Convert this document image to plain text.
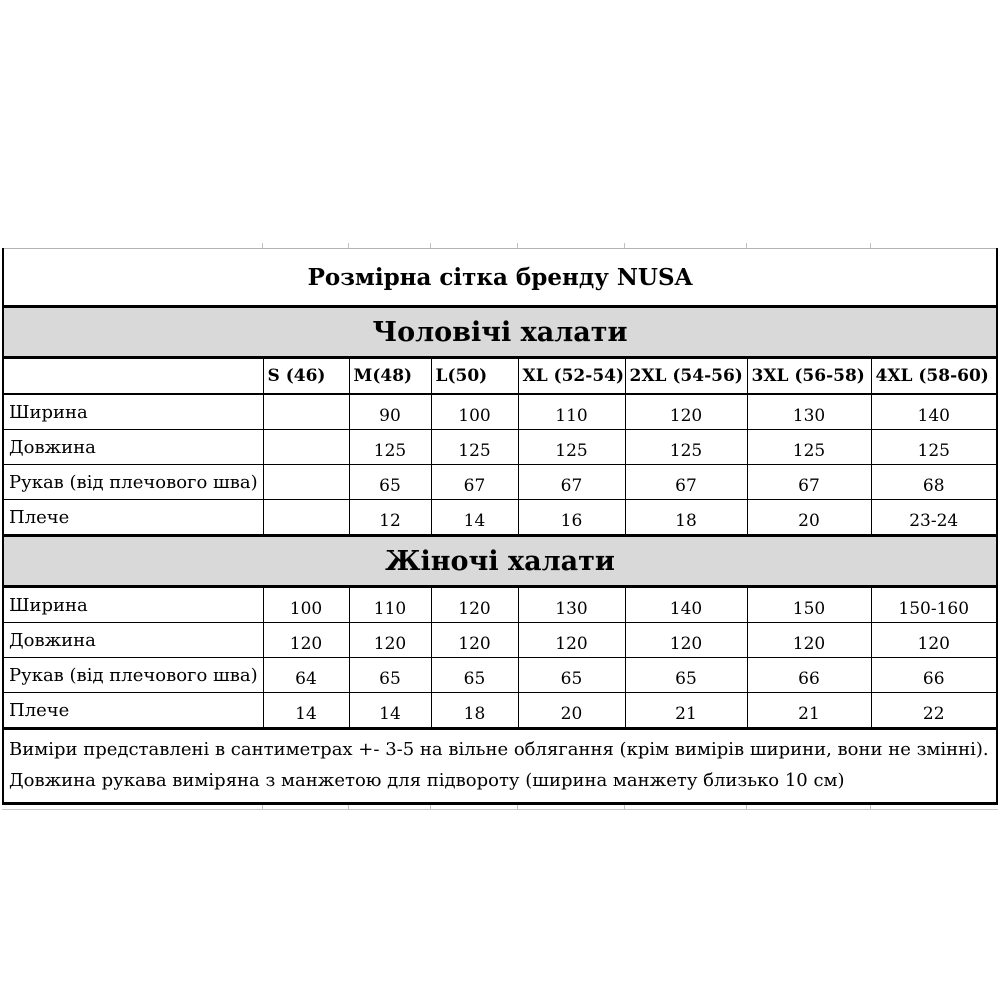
Розмірна сітка бренду NUSA							
Чоловічі халати							
	S (46)	M(48)	L(50)	XL (52-54)	2XL (54-56)	3XL (56-58)	4XL (58-60)
Ширина		90	100	110	120	130	140
Довжина		125	125	125	125	125	125
Рукав (від плечового шва)		65	67	67	67	67	68
Плече		12	14	16	18	20	23-24
Жіночі халати							
Ширина	100	110	120	130	140	150	150-160
Довжина	120	120	120	120	120	120	120
Рукав (від плечового шва)	64	65	65	65	65	66	66
Плече	14	14	18	20	21	21	22

Виміри представлені в сантиметрах +- 3-5 на вільне облягання (крім вимірів ширини, вони не змінні).
Довжина рукава виміряна з манжетою для підвороту (ширина манжету близько 10 см)							
